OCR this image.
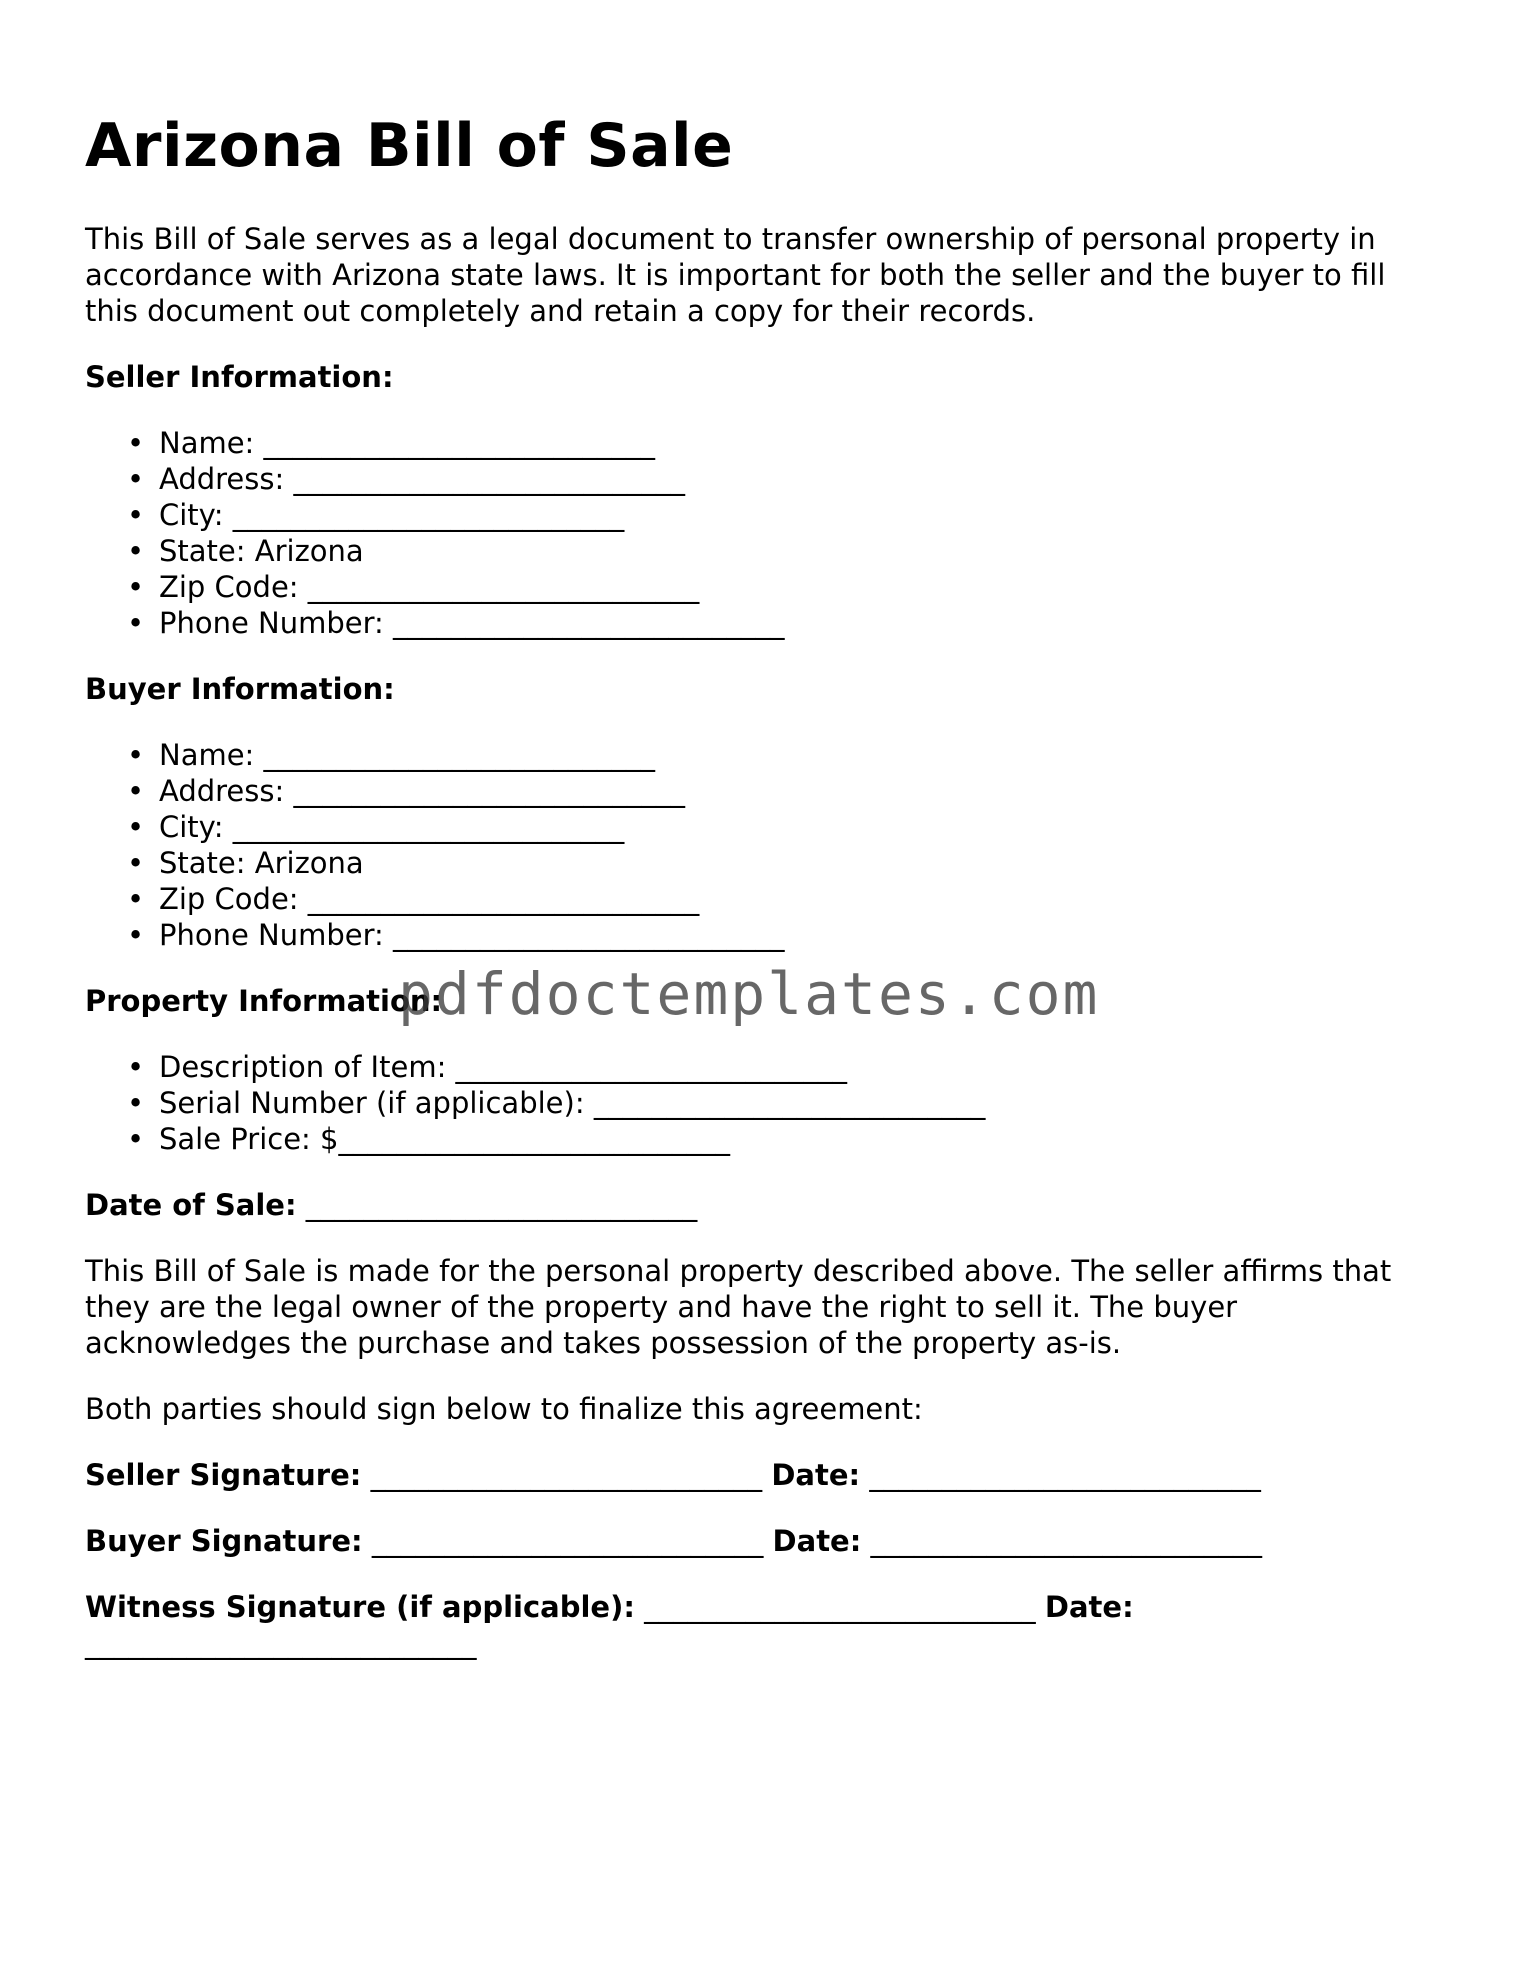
Arizona Bill of Sale

This Bill of Sale serves as a legal document to transfer ownership of personal property in
accordance with Arizona state laws. It is important for both the seller and the buyer to fill
this document out completely and retain a copy for their records.

Seller Information:
• Name: ___________________________
• Address: ___________________________
• City: ___________________________
• State: Arizona
• Zip Code: ___________________________
• Phone Number: ___________________________
Buyer Information:
• Name: ___________________________
• Address: ___________________________
• City: ___________________________
• State: Arizona
• Zip Code: ___________________________
• Phone Number: ___________________________
Property Information:
• Description of Item: ___________________________
• Serial Number (if applicable): ___________________________
• Sale Price: $___________________________
Date of Sale: ___________________________

This Bill of Sale is made for the personal property described above. The seller affirms that
they are the legal owner of the property and have the right to sell it. The buyer
acknowledges the purchase and takes possession of the property as-is.

Both parties should sign below to finalize this agreement:

Seller Signature: ___________________________ Date: ___________________________
Buyer Signature: ___________________________ Date: ___________________________
Witness Signature (if applicable): ___________________________ Date:
___________________________
pdfdoctemplates.com
